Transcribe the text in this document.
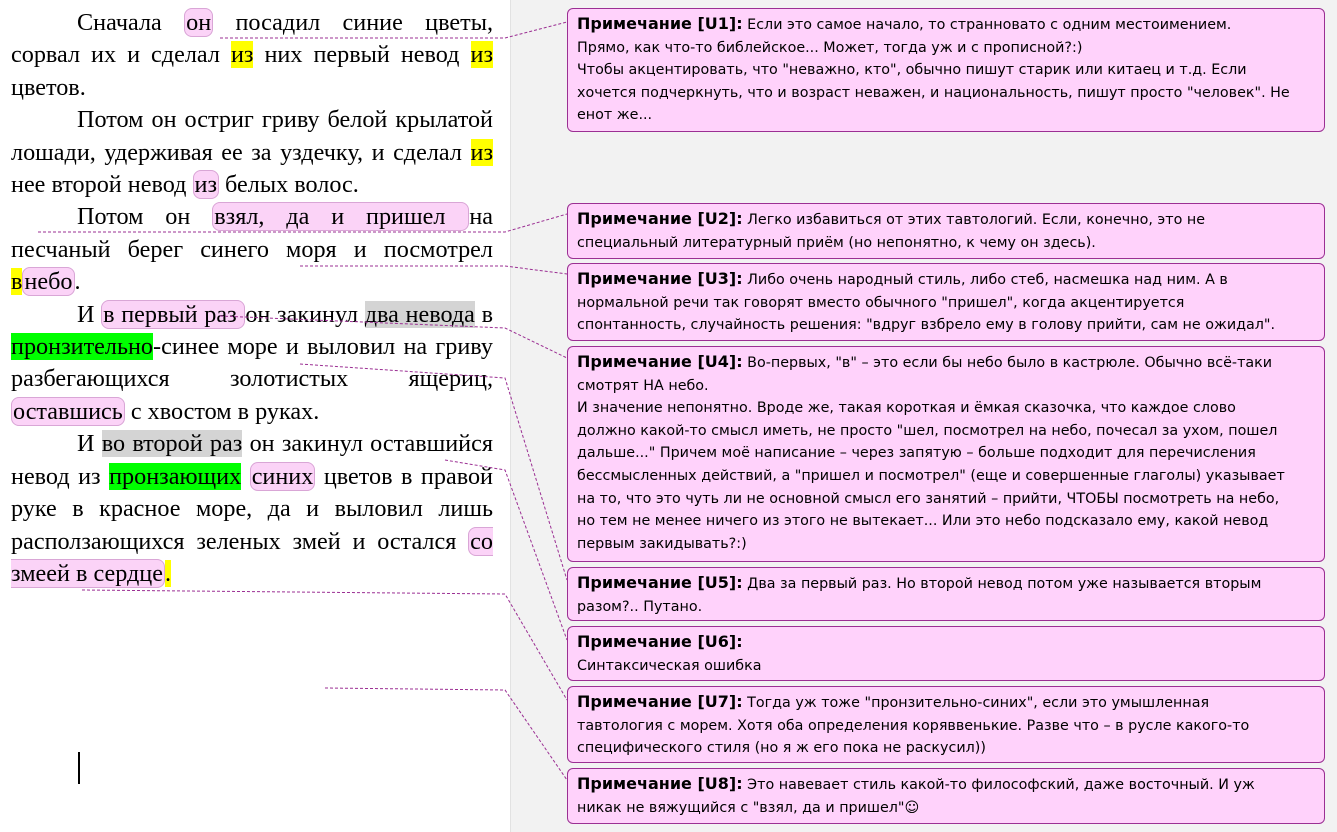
Сначала он посадил синие цветы, сорвал их и сделал из них первый невод из цветов.

Потом он остриг гриву белой крылатой лошади, удерживая ее за уздечку, и сделал из нее второй невод из белых волос.

Потом он взял, да и пришел на песчаный берег синего моря и посмотрел внебо.

И в первый раз он закинул два невода в пронзительно-синее море и выловил на гриву разбегающихся золотистых ящериц, оставшись с хвостом в руках.

И во второй раз он закинул оставшийся невод из пронзающих синих цветов в правой руке в красное море, да и выловил лишь расползающихся зеленых змей и остался со змеей в сердце.

Примечание [U1]: Если это самое начало, то странновато с одним местоимением.
Прямо, как что-то библейское... Может, тогда уж и с прописной?:)
Чтобы акцентировать, что "неважно, кто", обычно пишут старик или китаец и т.д. Если
хочется подчеркнуть, что и возраст неважен, и национальность, пишут просто "человек". Не
енот же...
Примечание [U2]: Легко избавиться от этих тавтологий. Если, конечно, это не
специальный литературный приём (но непонятно, к чему он здесь).
Примечание [U3]: Либо очень народный стиль, либо стеб, насмешка над ним. А в
нормальной речи так говорят вместо обычного "пришел", когда акцентируется
спонтанность, случайность решения: "вдруг взбрело ему в голову прийти, сам не ожидал".
Примечание [U4]: Во-первых, "в" – это если бы небо было в кастрюле. Обычно всё-таки
смотрят НА небо.
И значение непонятно. Вроде же, такая короткая и ёмкая сказочка, что каждое слово
должно какой-то смысл иметь, не просто "шел, посмотрел на небо, почесал за ухом, пошел
дальше..." Причем моё написание – через запятую – больше подходит для перечисления
бессмысленных действий, а "пришел и посмотрел" (еще и совершенные глаголы) указывает
на то, что это чуть ли не основной смысл его занятий – прийти, ЧТОБЫ посмотреть на небо,
но тем не менее ничего из этого не вытекает... Или это небо подсказало ему, какой невод
первым закидывать?:)
Примечание [U5]: Два за первый раз. Но второй невод потом уже называется вторым
разом?.. Путано.
Примечание [U6]:
Синтаксическая ошибка
Примечание [U7]: Тогда уж тоже "пронзительно-синих", если это умышленная
тавтология с морем. Хотя оба определения коряввенькие. Разве что – в русле какого-то
специфического стиля (но я ж его пока не раскусил))
Примечание [U8]: Это навевает стиль какой-то философский, даже восточный. И уж
никак не вяжущийся с "взял, да и пришел"☺
